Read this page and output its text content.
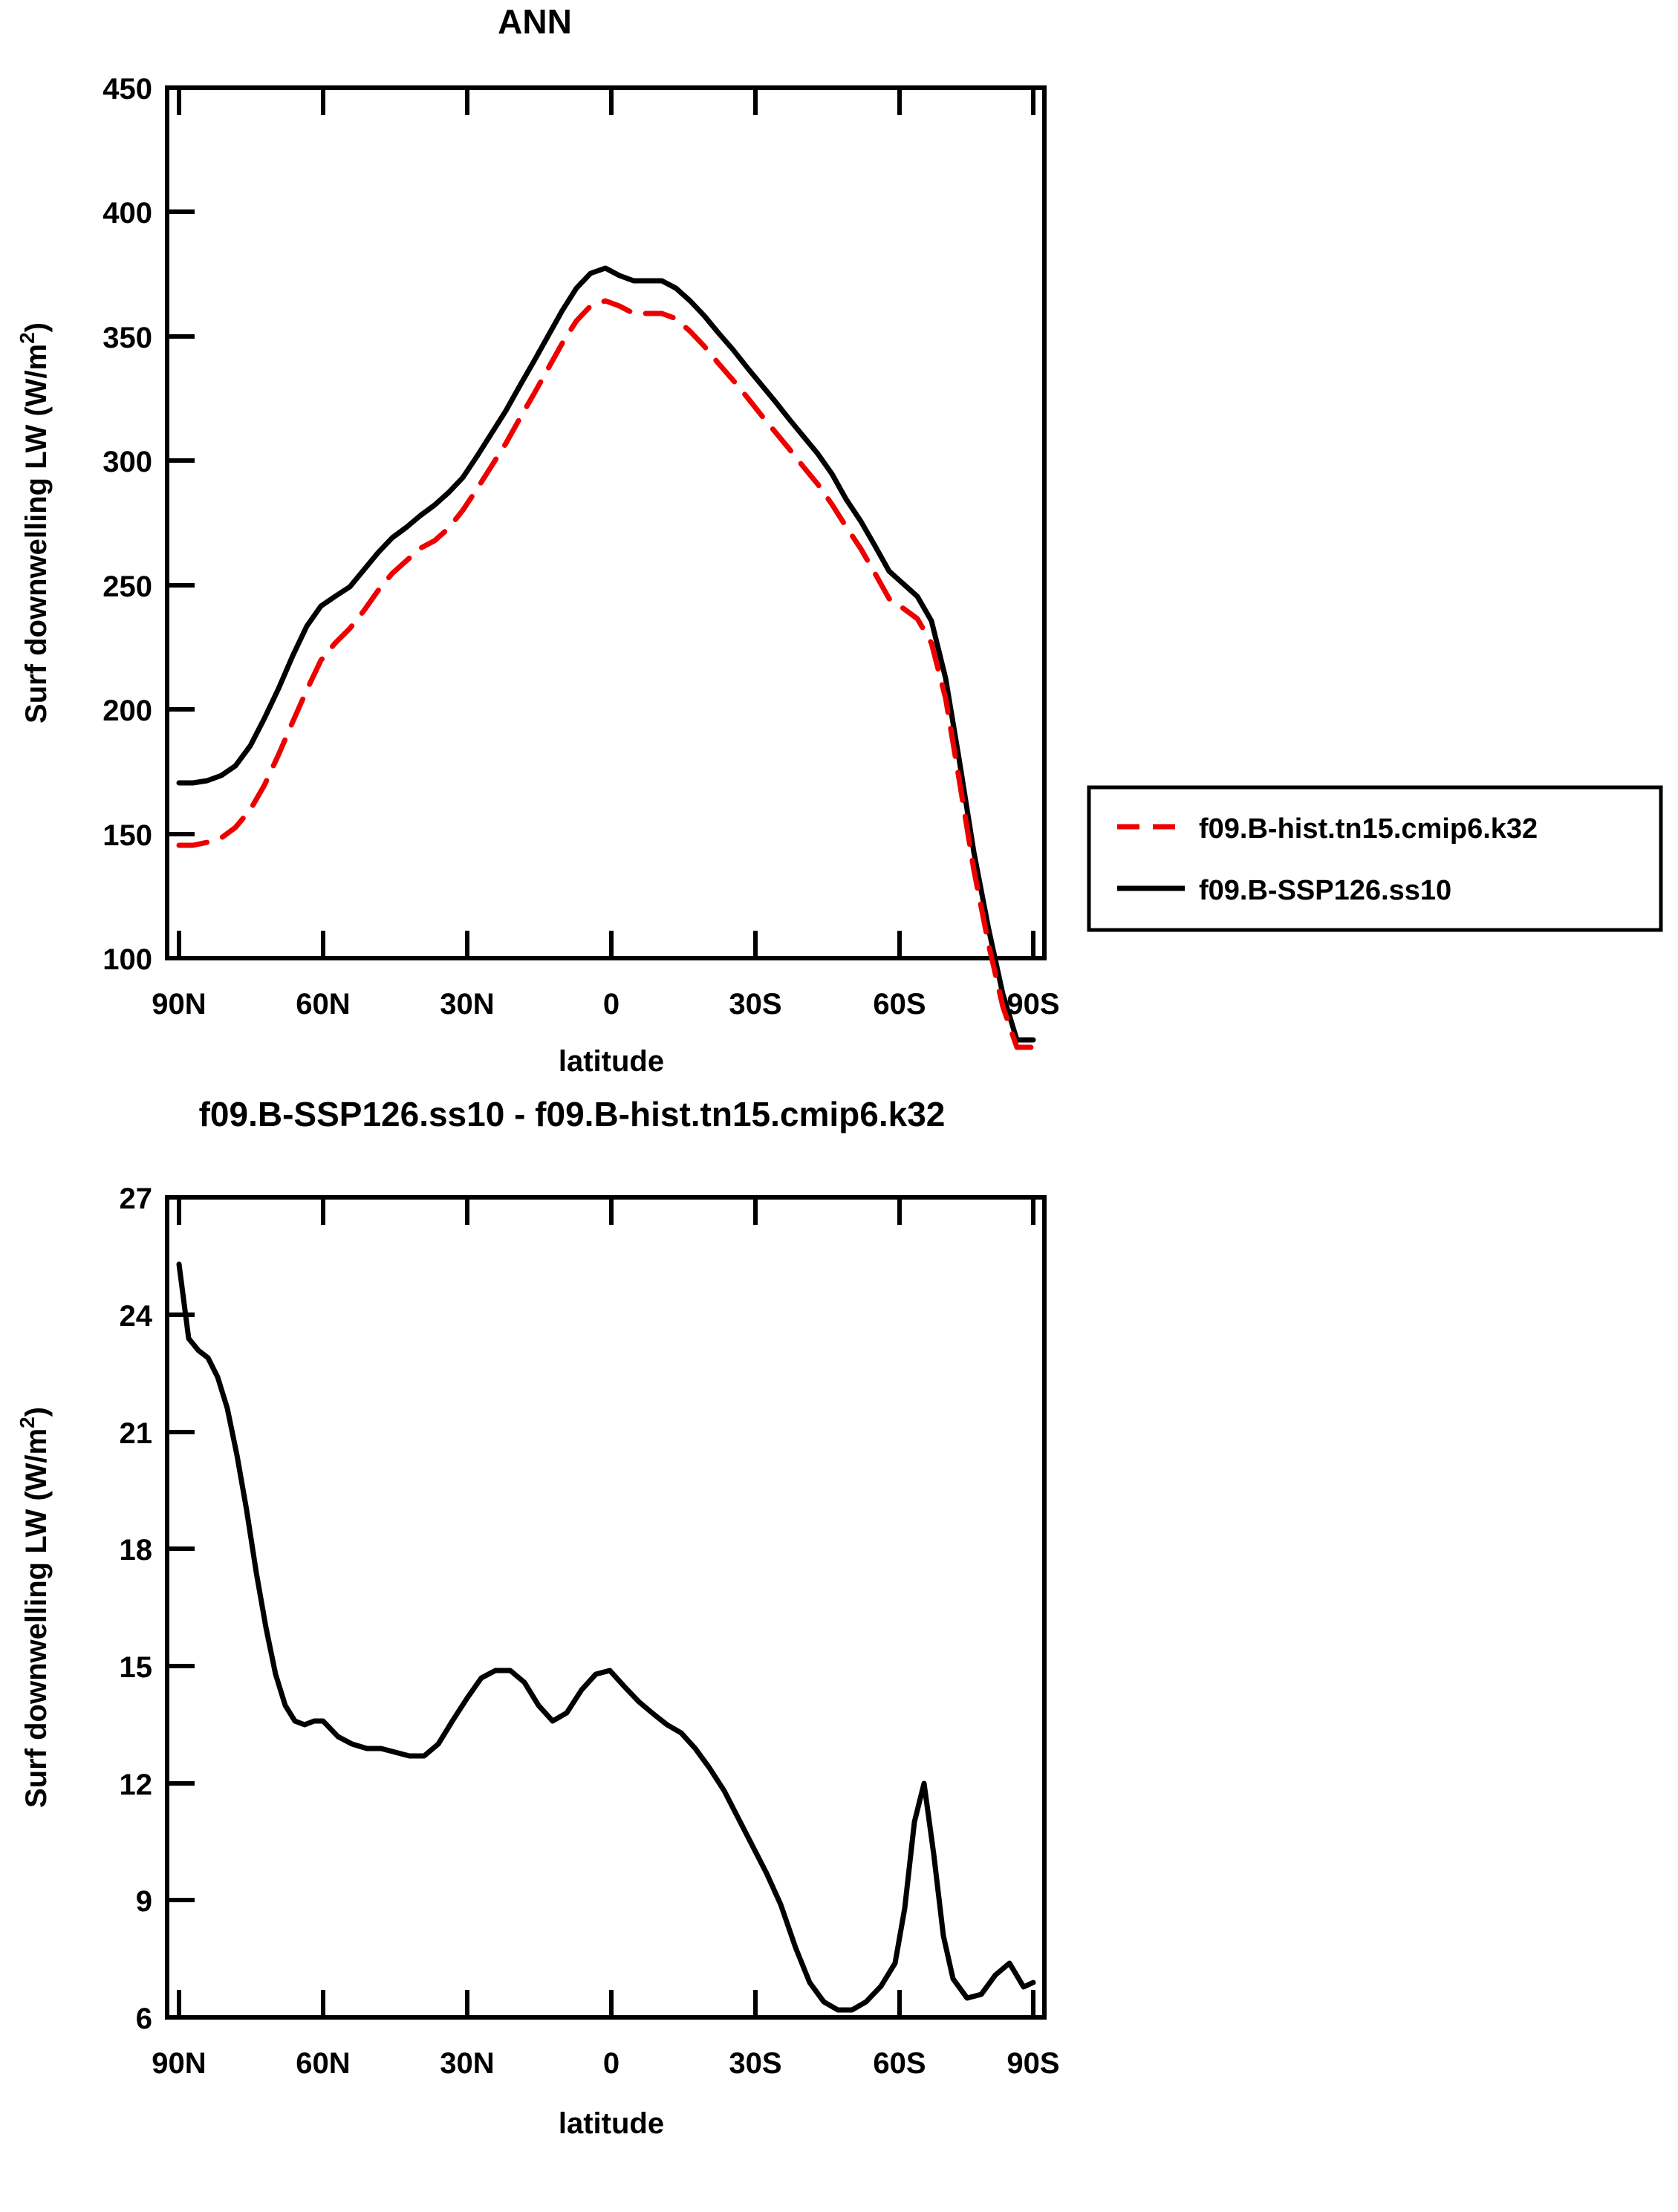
ANN
450
400
350
300
250
200
150
100
90N	60N	30N	0	30S	60S	90S
latitude
Surf downwelling LW $(W/m^2)$
f09.B-hist.tn15.cmip6.k32
f09.B-SSP126.ss10
27
24
21
18
15
12
9
6
90N	60N	30N	0	30S	60S	90S
latitude
Surf downwelling LW $(W/m^2)$
f09.B-SSP126.ss10 - f09.B-hist.tn15.cmip6.k32
